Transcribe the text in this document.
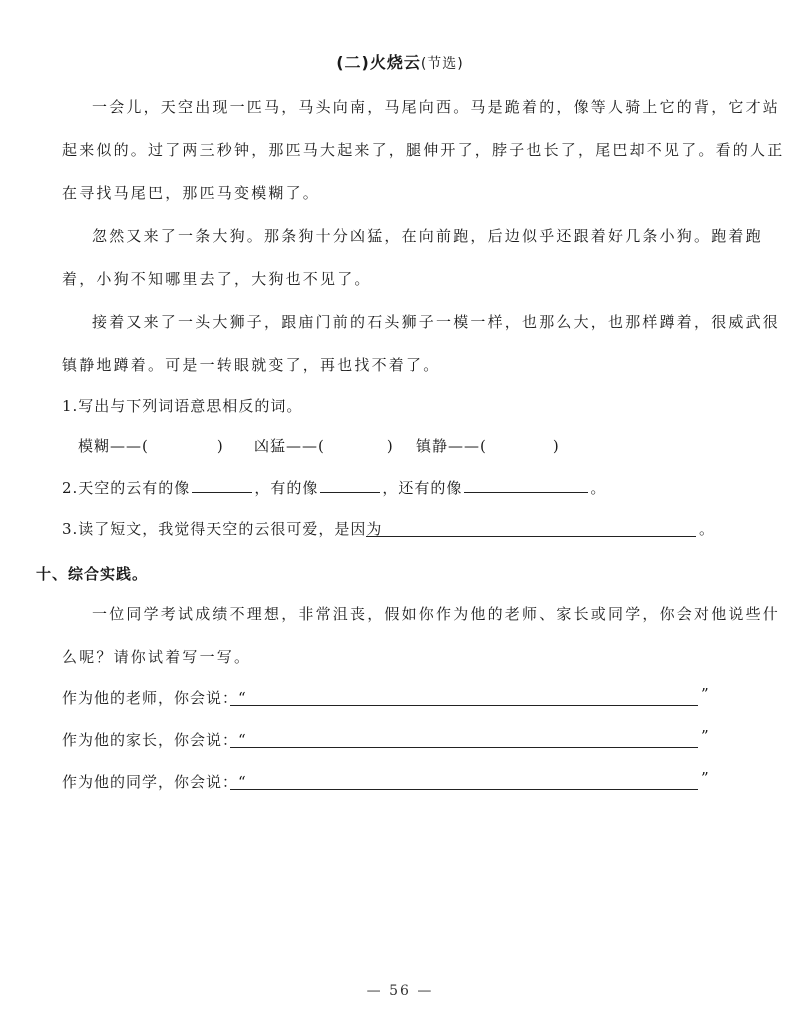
(二)火烧云(节选)
一会儿，天空出现一匹马，马头向南，马尾向西。马是跪着的，像等人骑上它的背，它才站
起来似的。过了两三秒钟，那匹马大起来了，腿伸开了，脖子也长了，尾巴却不见了。看的人正
在寻找马尾巴，那匹马变模糊了。
忽然又来了一条大狗。那条狗十分凶猛，在向前跑，后边似乎还跟着好几条小狗。跑着跑
着，小狗不知哪里去了，大狗也不见了。
接着又来了一头大狮子，跟庙门前的石头狮子一模一样，也那么大，也那样蹲着，很威武很
镇静地蹲着。可是一转眼就变了，再也找不着了。
1.写出与下列词语意思相反的词。
模糊——(	) 凶猛——(	) 镇静——(	)
2.天空的云有的像	，有的像	，还有的像	。
3.读了短文，我觉得天空的云很可爱，是因为	。
十、综合实践。
一位同学考试成绩不理想，非常沮丧，假如你作为他的老师、家长或同学，你会对他说些什
么呢？请你试着写一写。
作为他的老师，你会说：“	”
作为他的家长，你会说：“	”
作为他的同学，你会说：“	”
— 56 —
